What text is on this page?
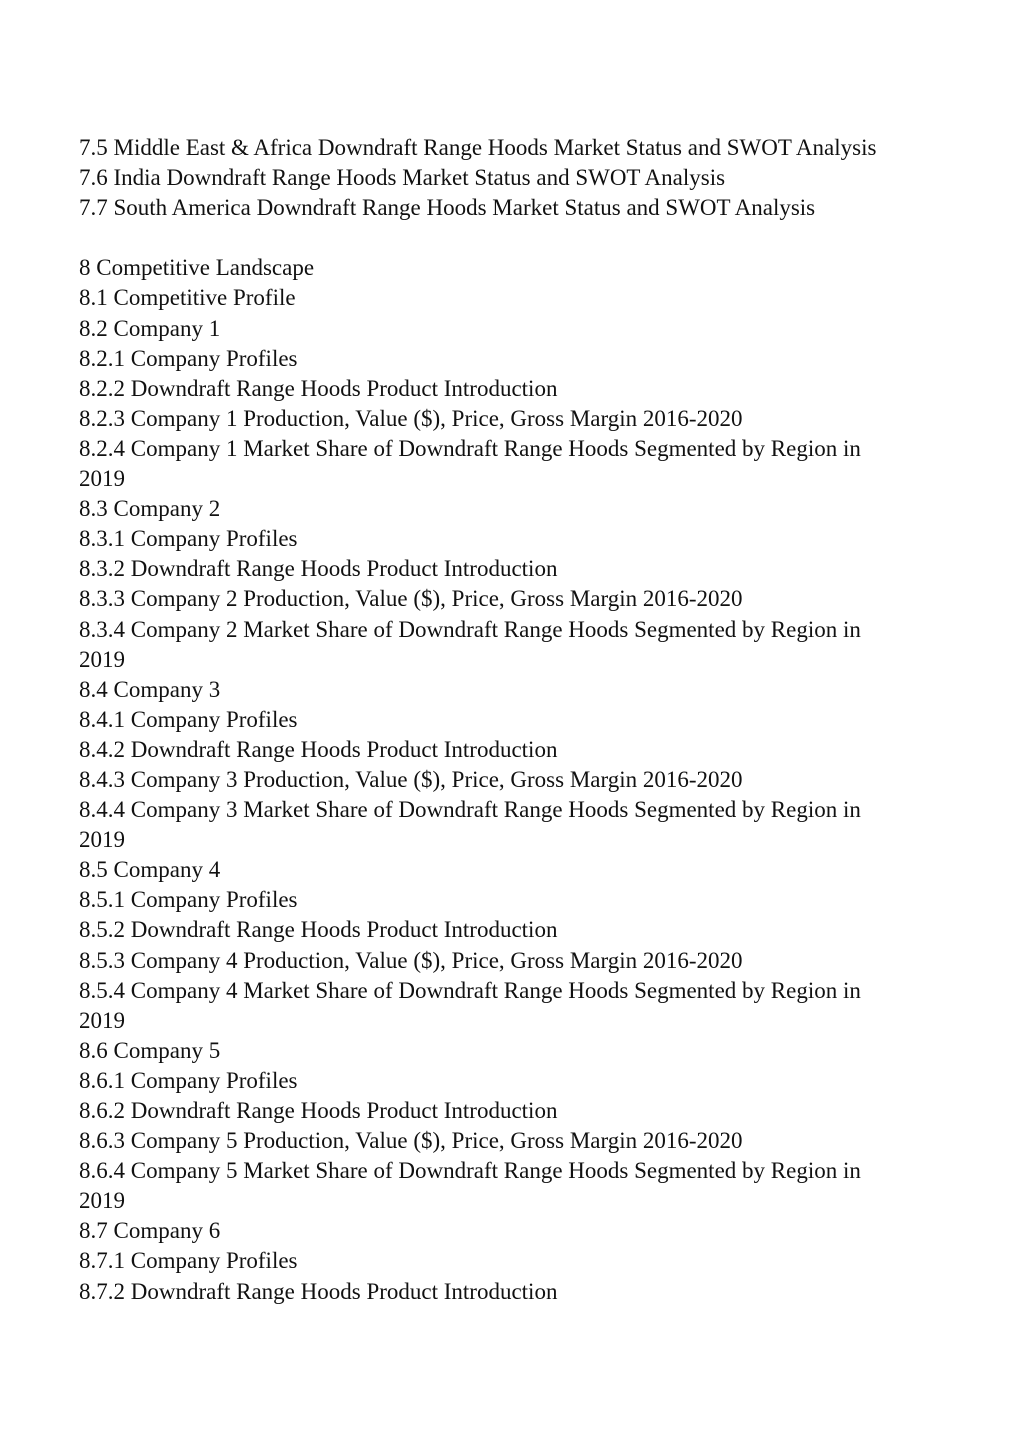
7.5 Middle East & Africa Downdraft Range Hoods Market Status and SWOT Analysis
7.6 India Downdraft Range Hoods Market Status and SWOT Analysis
7.7 South America Downdraft Range Hoods Market Status and SWOT Analysis
8 Competitive Landscape
8.1 Competitive Profile
8.2 Company 1
8.2.1 Company Profiles
8.2.2 Downdraft Range Hoods Product Introduction
8.2.3 Company 1 Production, Value ($), Price, Gross Margin 2016-2020
8.2.4 Company 1 Market Share of Downdraft Range Hoods Segmented by Region in
2019
8.3 Company 2
8.3.1 Company Profiles
8.3.2 Downdraft Range Hoods Product Introduction
8.3.3 Company 2 Production, Value ($), Price, Gross Margin 2016-2020
8.3.4 Company 2 Market Share of Downdraft Range Hoods Segmented by Region in
2019
8.4 Company 3
8.4.1 Company Profiles
8.4.2 Downdraft Range Hoods Product Introduction
8.4.3 Company 3 Production, Value ($), Price, Gross Margin 2016-2020
8.4.4 Company 3 Market Share of Downdraft Range Hoods Segmented by Region in
2019
8.5 Company 4
8.5.1 Company Profiles
8.5.2 Downdraft Range Hoods Product Introduction
8.5.3 Company 4 Production, Value ($), Price, Gross Margin 2016-2020
8.5.4 Company 4 Market Share of Downdraft Range Hoods Segmented by Region in
2019
8.6 Company 5
8.6.1 Company Profiles
8.6.2 Downdraft Range Hoods Product Introduction
8.6.3 Company 5 Production, Value ($), Price, Gross Margin 2016-2020
8.6.4 Company 5 Market Share of Downdraft Range Hoods Segmented by Region in
2019
8.7 Company 6
8.7.1 Company Profiles
8.7.2 Downdraft Range Hoods Product Introduction
